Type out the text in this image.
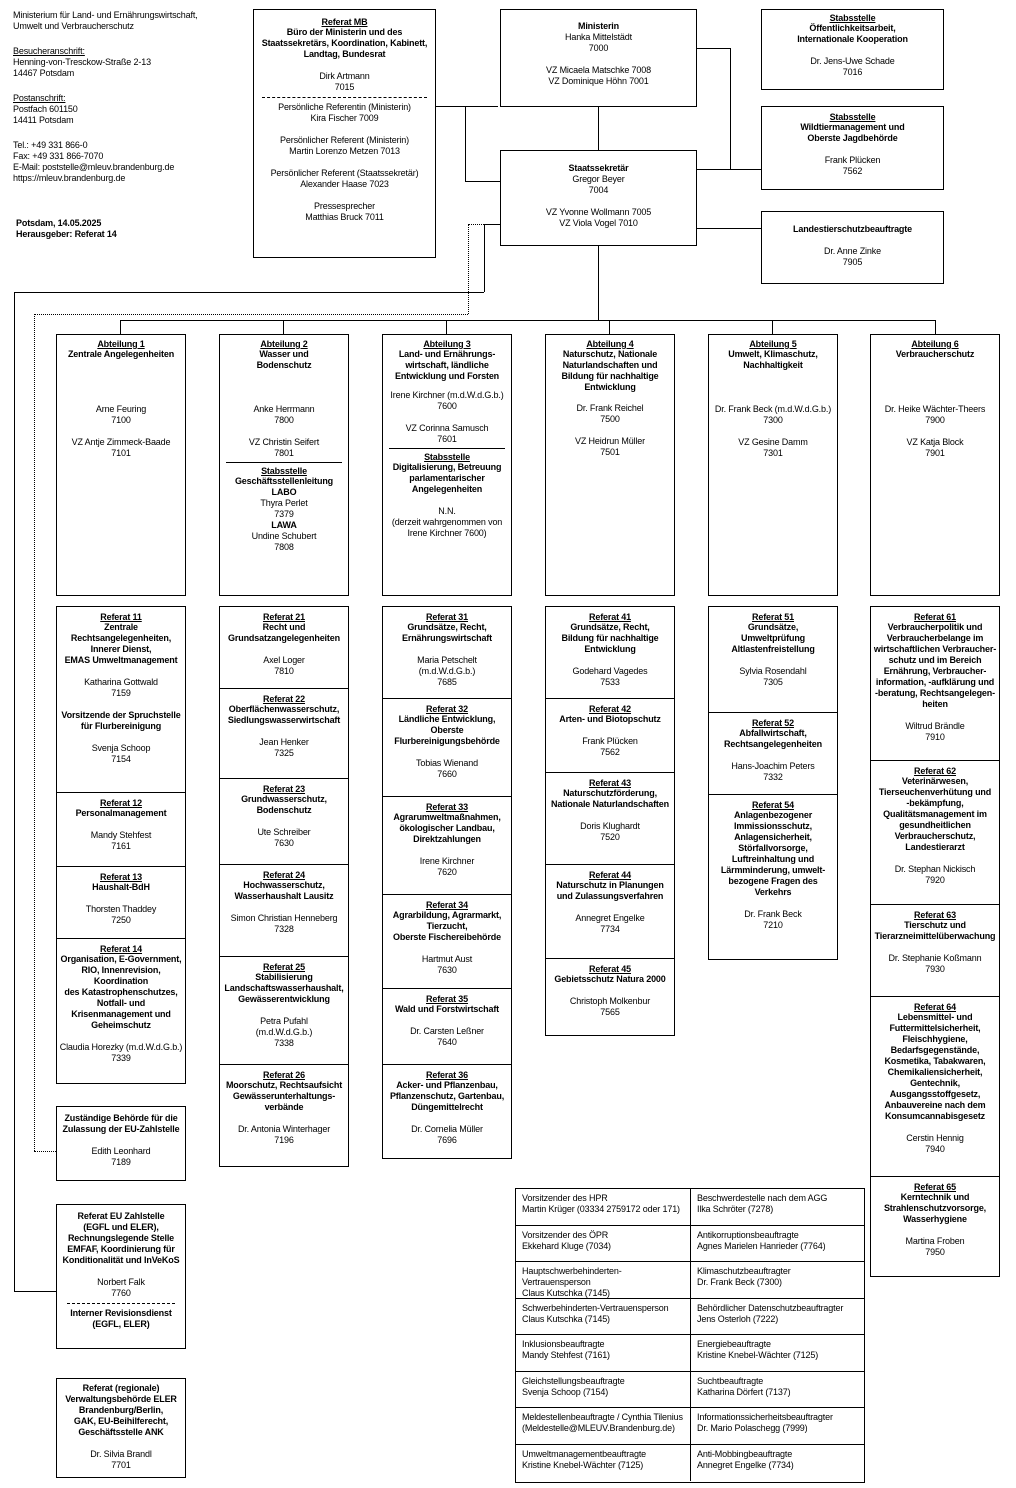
Ministerium für Land- und Ernährungswirtschaft,
Umwelt und Verbraucherschutz
Besucheranschrift:
Henning-von-Tresckow-Straße 2-13
14467 Potsdam
Postanschrift:
Postfach 601150
14411 Potsdam
Tel.: +49 331 866-0
Fax: +49 331 866-7070
E-Mail: poststelle@mleuv.brandenburg.de
https://mleuv.brandenburg.de
Potsdam, 14.05.2025
Herausgeber: Referat 14
Referat MB
Büro der Ministerin und des
Staatssekretärs, Koordination, Kabinett,
Landtag, Bundesrat
Dirk Artmann
7015
Persönliche Referentin (Ministerin)
Kira Fischer 7009
Persönlicher Referent (Ministerin)
Martin Lorenzo Metzen 7013
Persönlicher Referent (Staatssekretär)
Alexander Haase 7023
Pressesprecher
Matthias Bruck 7011
Ministerin
Hanka Mittelstädt
7000
VZ Micaela Matschke 7008
VZ Dominique Höhn 7001
Staatssekretär
Gregor Beyer
7004
VZ Yvonne Wollmann 7005
VZ Viola Vogel 7010
Stabsstelle
Öffentlichkeitsarbeit,
Internationale Kooperation
Dr. Jens-Uwe Schade
7016
Stabsstelle
Wildtiermanagement und
Oberste Jagdbehörde
Frank Plücken
7562
Landestierschutzbeauftragte
Dr. Anne Zinke
7905
Abteilung 1
Zentrale Angelegenheiten
Arne Feuring
7100
VZ Antje Zimmeck-Baade
7101
Abteilung 2
Wasser und
Bodenschutz
Anke Herrmann
7800
VZ Christin Seifert
7801
Stabsstelle
Geschäftsstellenleitung
LABO
Thyra Perlet
7379
LAWA
Undine Schubert
7808
Abteilung 3
Land- und Ernährungs-
wirtschaft, ländliche
Entwicklung und Forsten
Irene Kirchner (m.d.W.d.G.b.)
7600
VZ Corinna Samusch
7601
Stabsstelle
Digitalisierung, Betreuung
parlamentarischer
Angelegenheiten
N.N.
(derzeit wahrgenommen von
Irene Kirchner 7600)
Abteilung 4
Naturschutz, Nationale
Naturlandschaften und
Bildung für nachhaltige
Entwicklung
Dr. Frank Reichel
7500
VZ Heidrun Müller
7501
Abteilung 5
Umwelt, Klimaschutz,
Nachhaltigkeit
Dr. Frank Beck (m.d.W.d.G.b.)
7300
VZ Gesine Damm
7301
Abteilung 6
Verbraucherschutz
Dr. Heike Wächter-Theers
7900
VZ Katja Block
7901
Referat 11
Zentrale
Rechtsangelegenheiten,
Innerer Dienst,
EMAS Umweltmanagement
Katharina Gottwald
7159
Vorsitzende der Spruchstelle
für Flurbereinigung
Svenja Schoop
7154
Referat 12
Personalmanagement
Mandy Stehfest
7161
Referat 13
Haushalt-BdH
Thorsten Thaddey
7250
Referat 14
Organisation, E-Government,
RIO, Innenrevision,
Koordination
des Katastrophenschutzes,
Notfall- und
Krisenmanagement und
Geheimschutz
Claudia Horezky (m.d.W.d.G.b.)
7339
Referat 21
Recht und
Grundsatzangelegenheiten
Axel Loger
7810
Referat 22
Oberflächenwasserschutz,
Siedlungswasserwirtschaft
Jean Henker
7325
Referat 23
Grundwasserschutz,
Bodenschutz
Ute Schreiber
7630
Referat 24
Hochwasserschutz,
Wasserhaushalt Lausitz
Simon Christian Henneberg
7328
Referat 25
Stabilisierung
Landschaftswasserhaushalt,
Gewässerentwicklung
Petra Pufahl
(m.d.W.d.G.b.)
7338
Referat 26
Moorschutz, Rechtsaufsicht
Gewässerunterhaltungs-
verbände
Dr. Antonia Winterhager
7196
Referat 31
Grundsätze, Recht,
Ernährungswirtschaft
Maria Petschelt
(m.d.W.d.G.b.)
7685
Referat 32
Ländliche Entwicklung,
Oberste
Flurbereinigungsbehörde
Tobias Wienand
7660
Referat 33
Agrarumweltmaßnahmen,
ökologischer Landbau,
Direktzahlungen
Irene Kirchner
7620
Referat 34
Agrarbildung, Agrarmarkt,
Tierzucht,
Oberste Fischereibehörde
Hartmut Aust
7630
Referat 35
Wald und Forstwirtschaft
Dr. Carsten Leßner
7640
Referat 36
Acker- und Pflanzenbau,
Pflanzenschutz, Gartenbau,
Düngemittelrecht
Dr. Cornelia Müller
7696
Referat 41
Grundsätze, Recht,
Bildung für nachhaltige
Entwicklung
Godehard Vagedes
7533
Referat 42
Arten- und Biotopschutz
Frank Plücken
7562
Referat 43
Naturschutzförderung,
Nationale Naturlandschaften
Doris Klughardt
7520
Referat 44
Naturschutz in Planungen
und Zulassungsverfahren
Annegret Engelke
7734
Referat 45
Gebietsschutz Natura 2000
Christoph Molkenbur
7565
Referat 51
Grundsätze,
Umweltprüfung
Altlastenfreistellung
Sylvia Rosendahl
7305
Referat 52
Abfallwirtschaft,
Rechtsangelegenheiten
Hans-Joachim Peters
7332
Referat 54
Anlagenbezogener
Immissionsschutz,
Anlagensicherheit,
Störfallvorsorge,
Luftreinhaltung und
Lärmminderung, umwelt-
bezogene Fragen des
Verkehrs
Dr. Frank Beck
7210
Referat 61
Verbraucherpolitik und
Verbraucherbelange im
wirtschaftlichen Verbraucher-
schutz und im Bereich
Ernährung, Verbraucher-
information, -aufklärung und
-beratung, Rechtsangelegen-
heiten
Wiltrud Brändle
7910
Referat 62
Veterinärwesen,
Tierseuchenverhütung und
-bekämpfung,
Qualitätsmanagement im
gesundheitlichen
Verbraucherschutz,
Landestierarzt
Dr. Stephan Nickisch
7920
Referat 63
Tierschutz und
Tierarzneimittelüberwachung
Dr. Stephanie Koßmann
7930
Referat 64
Lebensmittel- und
Futtermittelsicherheit,
Fleischhygiene,
Bedarfsgegenstände,
Kosmetika, Tabakwaren,
Chemikaliensicherheit,
Gentechnik,
Ausgangsstoffgesetz,
Anbauvereine nach dem
Konsumcannabisgesetz
Cerstin Hennig
7940
Referat 65
Kerntechnik und
Strahlenschutzvorsorge,
Wasserhygiene
Martina Froben
7950
Zuständige Behörde für die
Zulassung der EU-Zahlstelle
Edith Leonhard
7189
Referat EU Zahlstelle
(EGFL und ELER),
Rechnungslegende Stelle
EMFAF, Koordinierung für
Konditionalität und InVeKoS
Norbert Falk
7760
Interner Revisionsdienst
(EGFL, ELER)
Referat (regionale)
Verwaltungsbehörde ELER
Brandenburg/Berlin,
GAK, EU-Beihilferecht,
Geschäftsstelle ANK
Dr. Silvia Brandl
7701
Vorsitzender des HPR
Martin Krüger (03334 2759172 oder 171)
Beschwerdestelle nach dem AGG
Ilka Schröter (7278)
Vorsitzender des ÖPR
Ekkehard Kluge (7034)
Antikorruptionsbeauftragte
Agnes Marielen Hanrieder (7764)
Hauptschwerbehinderten-Vertrauensperson
Claus Kutschka (7145)
Klimaschutzbeauftragter
Dr. Frank Beck (7300)
Schwerbehinderten-Vertrauensperson
Claus Kutschka (7145)
Behördlicher Datenschutzbeauftragter
Jens Osterloh (7222)
Inklusionsbeauftragte
Mandy Stehfest (7161)
Energiebeauftragte
Kristine Knebel-Wächter (7125)
Gleichstellungsbeauftragte
Svenja Schoop (7154)
Suchtbeauftragte
Katharina Dörfert (7137)
Meldestellenbeauftragte / Cynthia Tilenius
(Meldestelle@MLEUV.Brandenburg.de)
Informationssicherheitsbeauftragter
Dr. Mario Polaschegg (7999)
Umweltmanagementbeauftragte
Kristine Knebel-Wächter (7125)
Anti-Mobbingbeauftragte
Annegret Engelke (7734)
